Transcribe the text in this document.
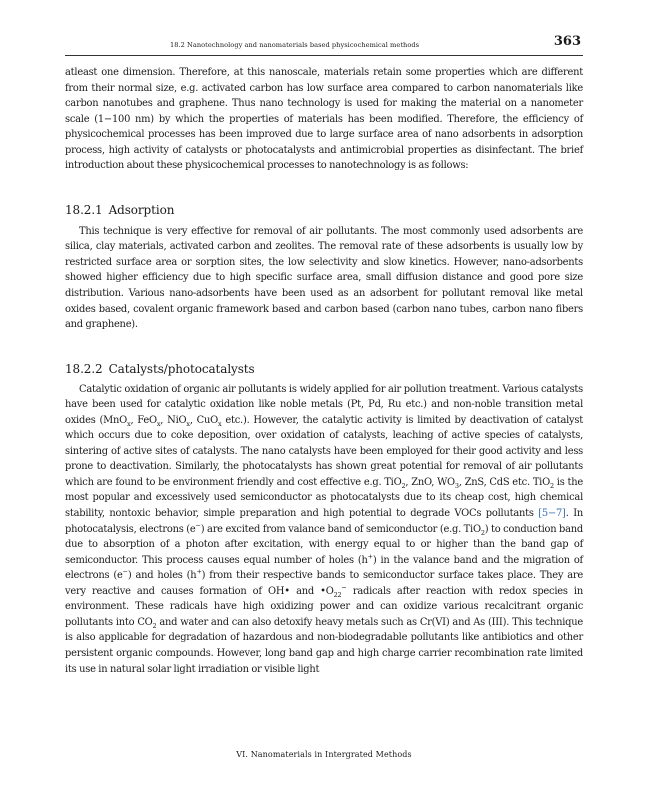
18.2 Nanotechnology and nanomaterials based physicochemical methods	363

atleast one dimension. Therefore, at this nanoscale, materials retain some properties which are different from their normal size, e.g. activated carbon has low surface area compared to carbon nanomaterials like carbon nanotubes and graphene. Thus nano technology is used for making the material on a nanometer scale (1−100 nm) by which the properties of materials has been modified. Therefore, the efficiency of physicochemical processes has been improved due to large surface area of nano adsorbents in adsorption process, high activity of catalysts or photocatalysts and antimicrobial properties as disinfectant. The brief introduction about these physicochemical processes to nanotechnology is as follows:

18.2.1 Adsorption

This technique is very effective for removal of air pollutants. The most commonly used adsorbents are silica, clay materials, activated carbon and zeolites. The removal rate of these adsorbents is usually low by restricted surface area or sorption sites, the low selectivity and slow kinetics. However, nano-adsorbents showed higher efficiency due to high specific surface area, small diffusion distance and good pore size distribution. Various nano-adsorbents have been used as an adsorbent for pollutant removal like metal oxides based, covalent organic framework based and carbon based (carbon nano tubes, carbon nano fibers and graphene).

18.2.2 Catalysts/photocatalysts

Catalytic oxidation of organic air pollutants is widely applied for air pollution treatment. Various catalysts have been used for catalytic oxidation like noble metals (Pt, Pd, Ru etc.) and non-noble transition metal oxides (MnO$_x$, FeO$_x$, NiO$_x$, CuO$_x$ etc.). However, the catalytic activity is limited by deactivation of catalyst which occurs due to coke deposition, over oxidation of catalysts, leaching of active species of catalysts, sintering of active sites of catalysts. The nano catalysts have been employed for their good activity and less prone to deactivation. Similarly, the photocatalysts has shown great potential for removal of air pollutants which are found to be environment friendly and cost effective e.g. TiO$_2$, ZnO, $WO_3$, ZnS, CdS etc. TiO$_2$ is the most popular and excessively used semiconductor as photocatalysts due to its cheap cost, high chemical stability, nontoxic behavior, simple preparation and high potential to degrade VOCs pollutants [5−7]. In photocatalysis, electrons (e−) are excited from valance band of semiconductor (e.g. TiO$_2$) to conduction band due to absorption of a photon after excitation, with energy equal to or higher than the band gap of semiconductor. This process causes equal number of holes (h+) in the valance band and the migration of electrons (e−) and holes (h+) from their respective bands to semiconductor surface takes place. They are very reactive and causes formation of OH• and $•O_{22}^-$ radicals after reaction with redox species in environment. These radicals have high oxidizing power and can oxidize various recalcitrant organic pollutants into $CO_2$ and water and can also detoxify heavy metals such as Cr(VI) and As (III). This technique is also applicable for degradation of hazardous and non-biodegradable pollutants like antibiotics and other persistent organic compounds. However, long band gap and high charge carrier recombination rate limited its use in natural solar light irradiation or visible light

VI. Nanomaterials in Intergrated Methods
